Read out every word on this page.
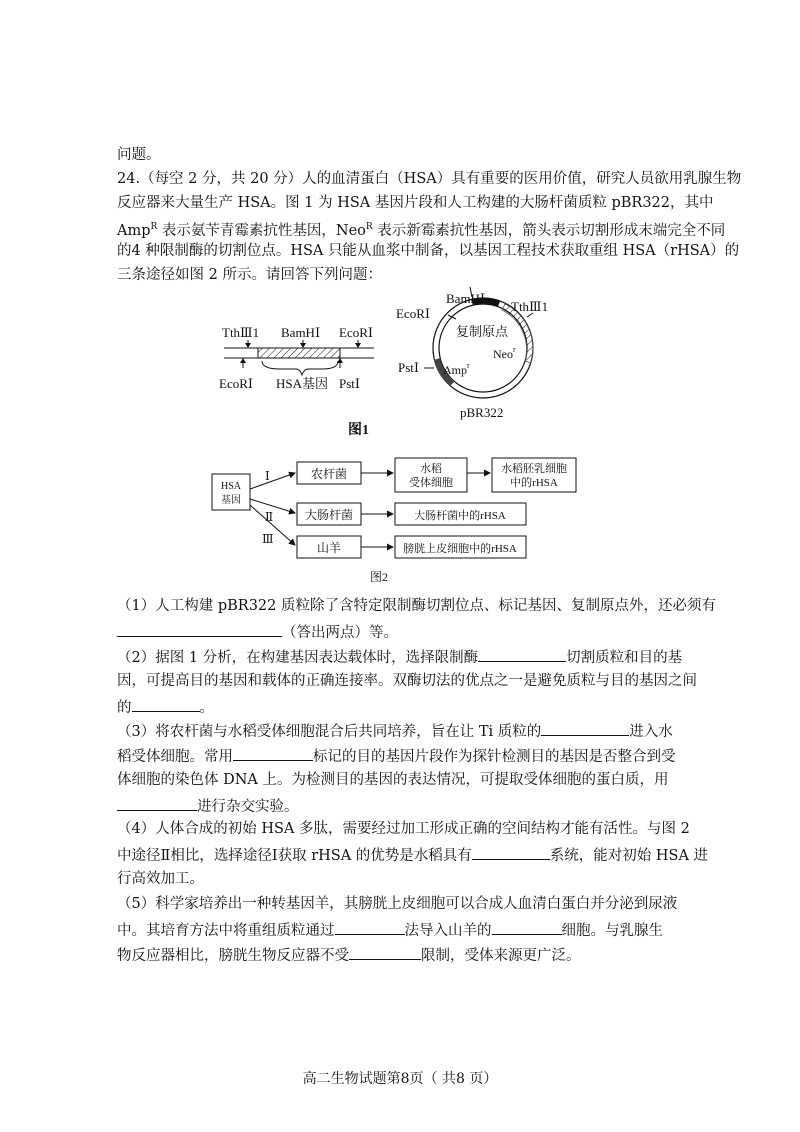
问题。
24.（每空 2 分，共 20 分）人的血清蛋白（HSA）具有重要的医用价值，研究人员欲用乳腺生物
反应器来大量生产 HSA。图 1 为 HSA 基因片段和人工构建的大肠杆菌质粒 pBR322，其中
Amp$^R$ 表示氨苄青霉素抗性基因，Neo$^R$ 表示新霉素抗性基因，箭头表示切割形成末端完全不同
的4 种限制酶的切割位点。HSA 只能从血浆中制备，以基因工程技术获取重组 HSA（rHSA）的
三条途径如图 2 所示。请回答下列问题：
TthⅢ1 BamHⅠ EcoRⅠ
EcoRⅠ HSA基因 PstⅠ
BamHⅠ
TthⅢ1
EcoRⅠ
复制原点
Neo$^r$
PstⅠ Amp$^r$
pBR322
图1
HSA
基因
Ⅰ
Ⅱ
Ⅲ
农杆菌	水稻
受体细胞
水稻胚乳细胞
中的rHSA
大肠杆菌	大肠杆菌中的rHSA
山羊	膀胱上皮细胞中的rHSA
图2
（1）人工构建 pBR322 质粒除了含特定限制酶切割位点、标记基因、复制原点外，还必须有
（答出两点）等。
（2）据图 1 分析，在构建基因表达载体时，选择限制酶	切割质粒和目的基
因，可提高目的基因和载体的正确连接率。双酶切法的优点之一是避免质粒与目的基因之间
的	。
（3）将农杆菌与水稻受体细胞混合后共同培养，旨在让 Ti 质粒的	进入水
稻受体细胞。常用	标记的目的基因片段作为探针检测目的基因是否整合到受
体细胞的染色体 DNA 上。为检测目的基因的表达情况，可提取受体细胞的蛋白质，用
进行杂交实验。
（4）人体合成的初始 HSA 多肽，需要经过加工形成正确的空间结构才能有活性。与图 2
中途径Ⅱ相比，选择途径Ⅰ获取 rHSA 的优势是水稻具有	系统，能对初始 HSA 进
行高效加工。
（5）科学家培养出一种转基因羊，其膀胱上皮细胞可以合成人血清白蛋白并分泌到尿液
中。其培育方法中将重组质粒通过	法导入山羊的	细胞。与乳腺生
物反应器相比，膀胱生物反应器不受	限制，受体来源更广泛。
高二生物试题第8页（ 共8 页）
